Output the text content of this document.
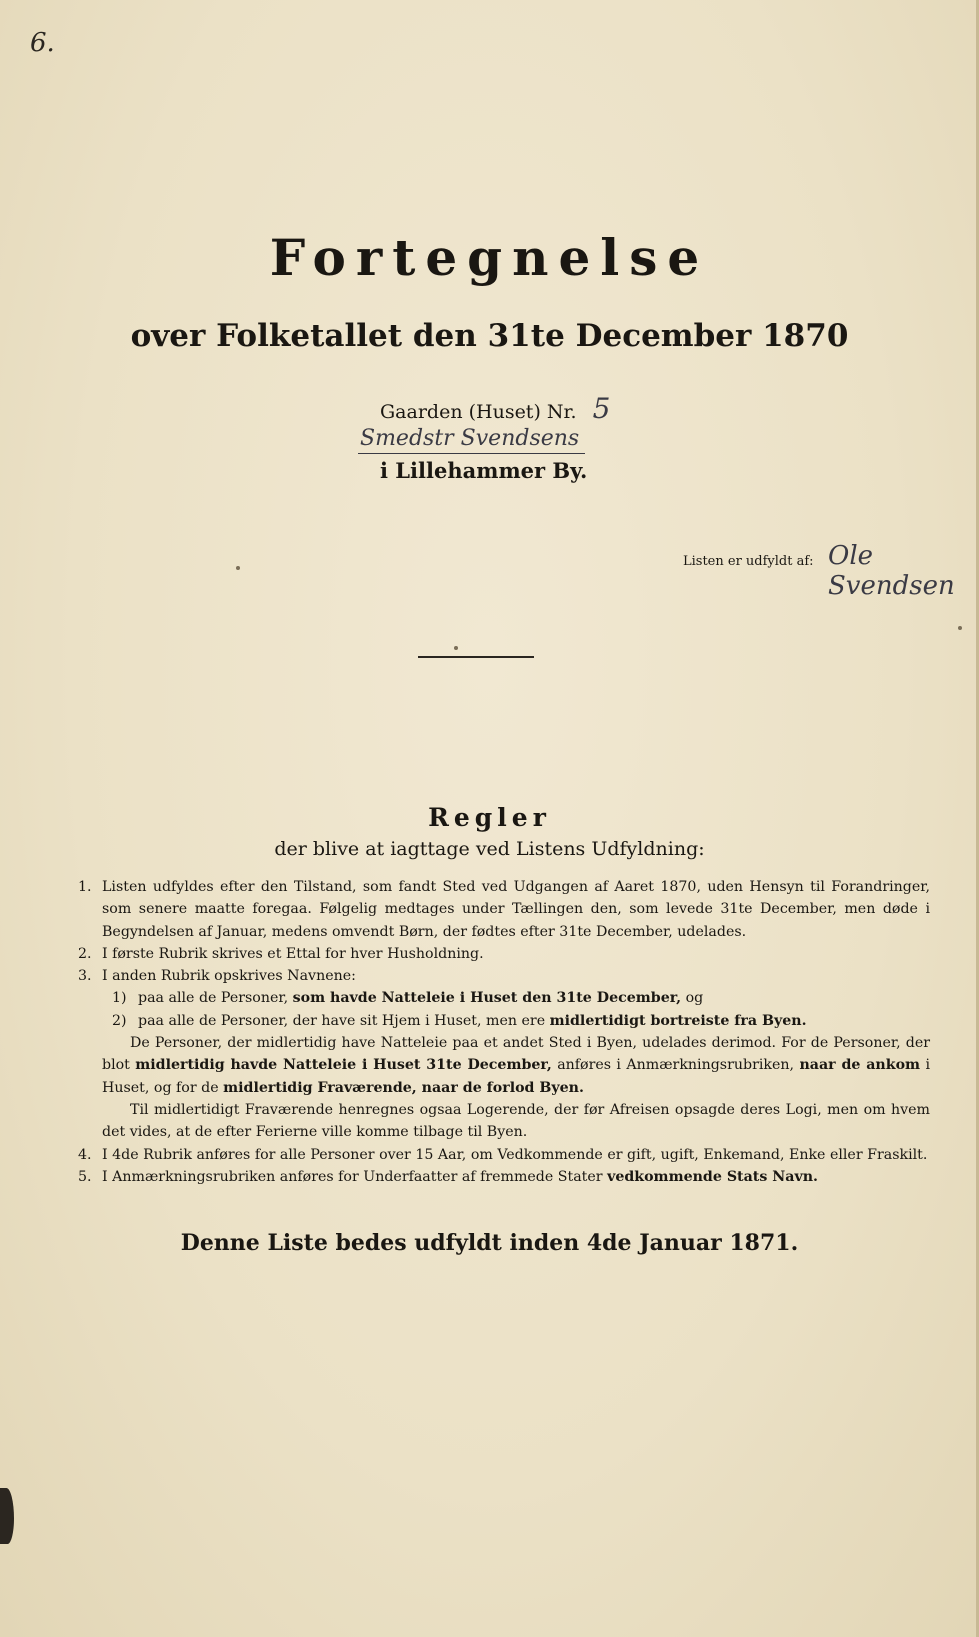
6.
Fortegnelse
over Folketallet den 31te December 1870
Gaarden (Huset) Nr. 5
Smedstr Svendsens
i Lillehammer By.
Listen er udfyldt af: Ole Svendsen
Regler
der blive at iagttage ved Listens Udfyldning:
1. Listen udfyldes efter den Tilstand, som fandt Sted ved Udgangen af Aaret 1870, uden Hensyn til Forandringer, som senere maatte foregaa. Følgelig medtages under Tællingen den, som levede 31te December, men døde i Begyndelsen af Januar, medens omvendt Børn, der fødtes efter 31te December, udelades.
2. I første Rubrik skrives et Ettal for hver Husholdning.
3. I anden Rubrik opskrives Navnene:
1) paa alle de Personer, som havde Natteleie i Huset den 31te December, og
2) paa alle de Personer, der have sit Hjem i Huset, men ere midlertidigt bortreiste fra Byen.
De Personer, der midlertidig have Natteleie paa et andet Sted i Byen, udelades derimod. For de Personer, der blot midlertidig havde Natteleie i Huset 31te December, anføres i Anmærkningsrubriken, naar de ankom i Huset, og for de midlertidig Fraværende, naar de forlod Byen.
Til midlertidigt Fraværende henregnes ogsaa Logerende, der før Afreisen opsagde deres Logi, men om hvem det vides, at de efter Ferierne ville komme tilbage til Byen.
4. I 4de Rubrik anføres for alle Personer over 15 Aar, om Vedkommende er gift, ugift, Enkemand, Enke eller Fraskilt.
5. I Anmærkningsrubriken anføres for Underfaatter af fremmede Stater vedkommende Stats Navn.
Denne Liste bedes udfyldt inden 4de Januar 1871.
